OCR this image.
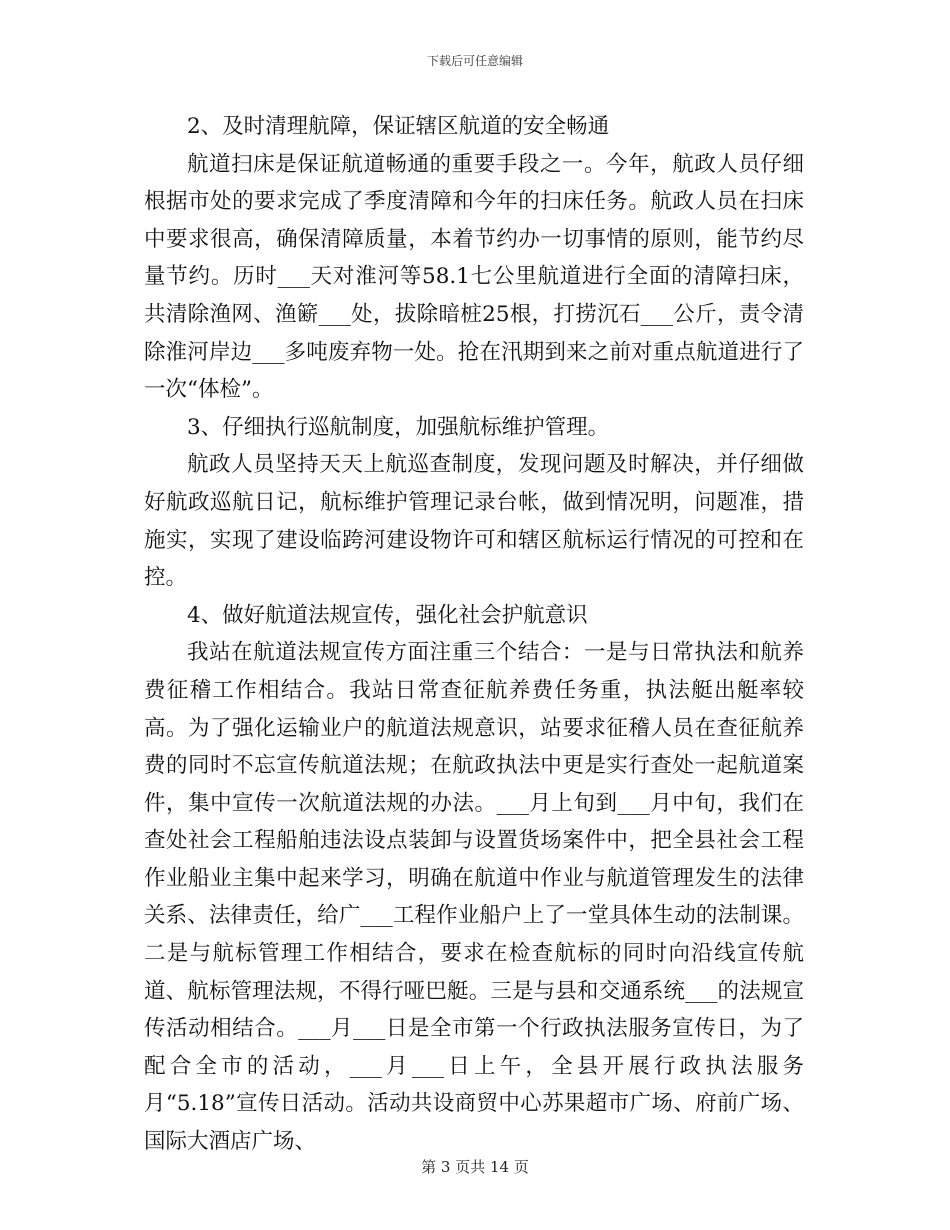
下载后可任意编辑

2、及时清理航障，保证辖区航道的安全畅通

航道扫床是保证航道畅通的重要手段之一。今年，航政人员仔细根据市处的要求完成了季度清障和今年的扫床任务。航政人员在扫床中要求很高，确保清障质量，本着节约办一切事情的原则，能节约尽量节约。历时___天对淮河等58.1七公里航道进行全面的清障扫床，共清除渔网、渔簖___处，拔除暗桩25根，打捞沉石___公斤，责令清除淮河岸边___多吨废弃物一处。抢在汛期到来之前对重点航道进行了一次“体检”。

3、仔细执行巡航制度，加强航标维护管理。

航政人员坚持天天上航巡查制度，发现问题及时解决，并仔细做好航政巡航日记，航标维护管理记录台帐，做到情况明，问题准，措施实，实现了建设临跨河建设物许可和辖区航标运行情况的可控和在控。

4、做好航道法规宣传，强化社会护航意识

我站在航道法规宣传方面注重三个结合：一是与日常执法和航养费征稽工作相结合。我站日常查征航养费任务重，执法艇出艇率较高。为了强化运输业户的航道法规意识，站要求征稽人员在查征航养费的同时不忘宣传航道法规；在航政执法中更是实行查处一起航道案件，集中宣传一次航道法规的办法。___月上旬到___月中旬，我们在查处社会工程船舶违法设点装卸与设置货场案件中，把全县社会工程作业船业主集中起来学习，明确在航道中作业与航道管理发生的法律关系、法律责任，给广___工程作业船户上了一堂具体生动的法制课。二是与航标管理工作相结合，要求在检查航标的同时向沿线宣传航道、航标管理法规，不得行哑巴艇。三是与县和交通系统___的法规宣传活动相结合。___月___日是全市第一个行政执法服务宣传日，为了配合全市的活动，___月___日上午，全县开展行政执法服务月“5.18”宣传日活动。活动共设商贸中心苏果超市广场、府前广场、国际大酒店广场、

第 3 页共 14 页
